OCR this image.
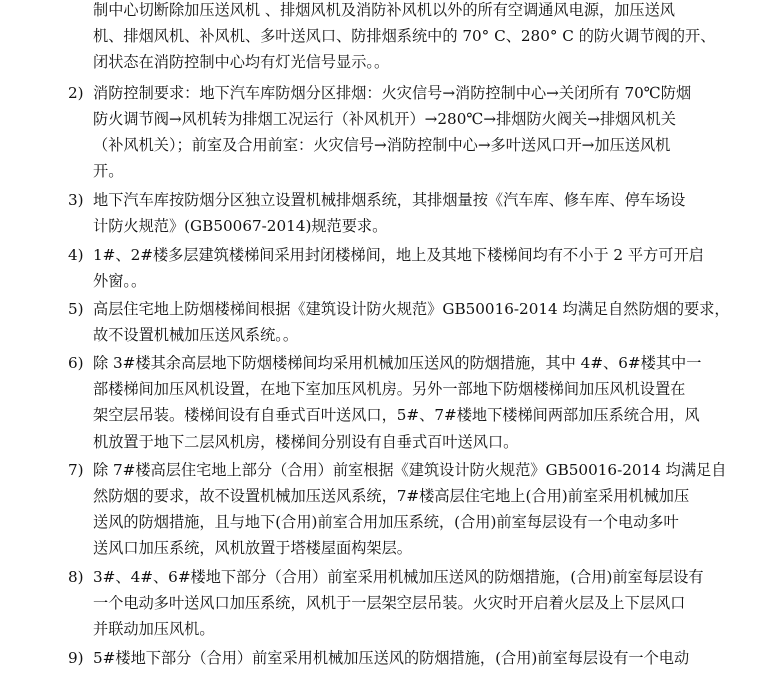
制中心切断除加压送风机 、排烟风机及消防补风机以外的所有空调通风电源，加压送风
机、排烟风机、补风机、多叶送风口、防排烟系统中的 70° C、280° C 的防火调节阀的开、
闭状态在消防控制中心均有灯光信号显示。。
2) 消防控制要求：地下汽车库防烟分区排烟：火灾信号→消防控制中心→关闭所有 70℃防烟
防火调节阀→风机转为排烟工况运行（补风机开）→280℃→排烟防火阀关→排烟风机关
（补风机关）；前室及合用前室：火灾信号→消防控制中心→多叶送风口开→加压送风机
开。
3) 地下汽车库按防烟分区独立设置机械排烟系统，其排烟量按《汽车库、修车库、停车场设
计防火规范》(GB50067-2014)规范要求。
4) 1#、2#楼多层建筑楼梯间采用封闭楼梯间，地上及其地下楼梯间均有不小于 2 平方可开启
外窗。。
5) 高层住宅地上防烟楼梯间根据《建筑设计防火规范》GB50016-2014 均满足自然防烟的要求，
故不设置机械加压送风系统。。
6) 除 3#楼其余高层地下防烟楼梯间均采用机械加压送风的防烟措施，其中 4#、6#楼其中一
部楼梯间加压风机设置，在地下室加压风机房。另外一部地下防烟楼梯间加压风机设置在
架空层吊装。楼梯间设有自垂式百叶送风口，5#、7#楼地下楼梯间两部加压系统合用，风
机放置于地下二层风机房，楼梯间分别设有自垂式百叶送风口。
7) 除 7#楼高层住宅地上部分（合用）前室根据《建筑设计防火规范》GB50016-2014 均满足自
然防烟的要求，故不设置机械加压送风系统，7#楼高层住宅地上(合用)前室采用机械加压
送风的防烟措施，且与地下(合用)前室合用加压系统，(合用)前室每层设有一个电动多叶
送风口加压系统，风机放置于塔楼屋面构架层。
8) 3#、4#、6#楼地下部分（合用）前室采用机械加压送风的防烟措施，(合用)前室每层设有
一个电动多叶送风口加压系统，风机于一层架空层吊装。火灾时开启着火层及上下层风口
并联动加压风机。
9) 5#楼地下部分（合用）前室采用机械加压送风的防烟措施，(合用)前室每层设有一个电动
